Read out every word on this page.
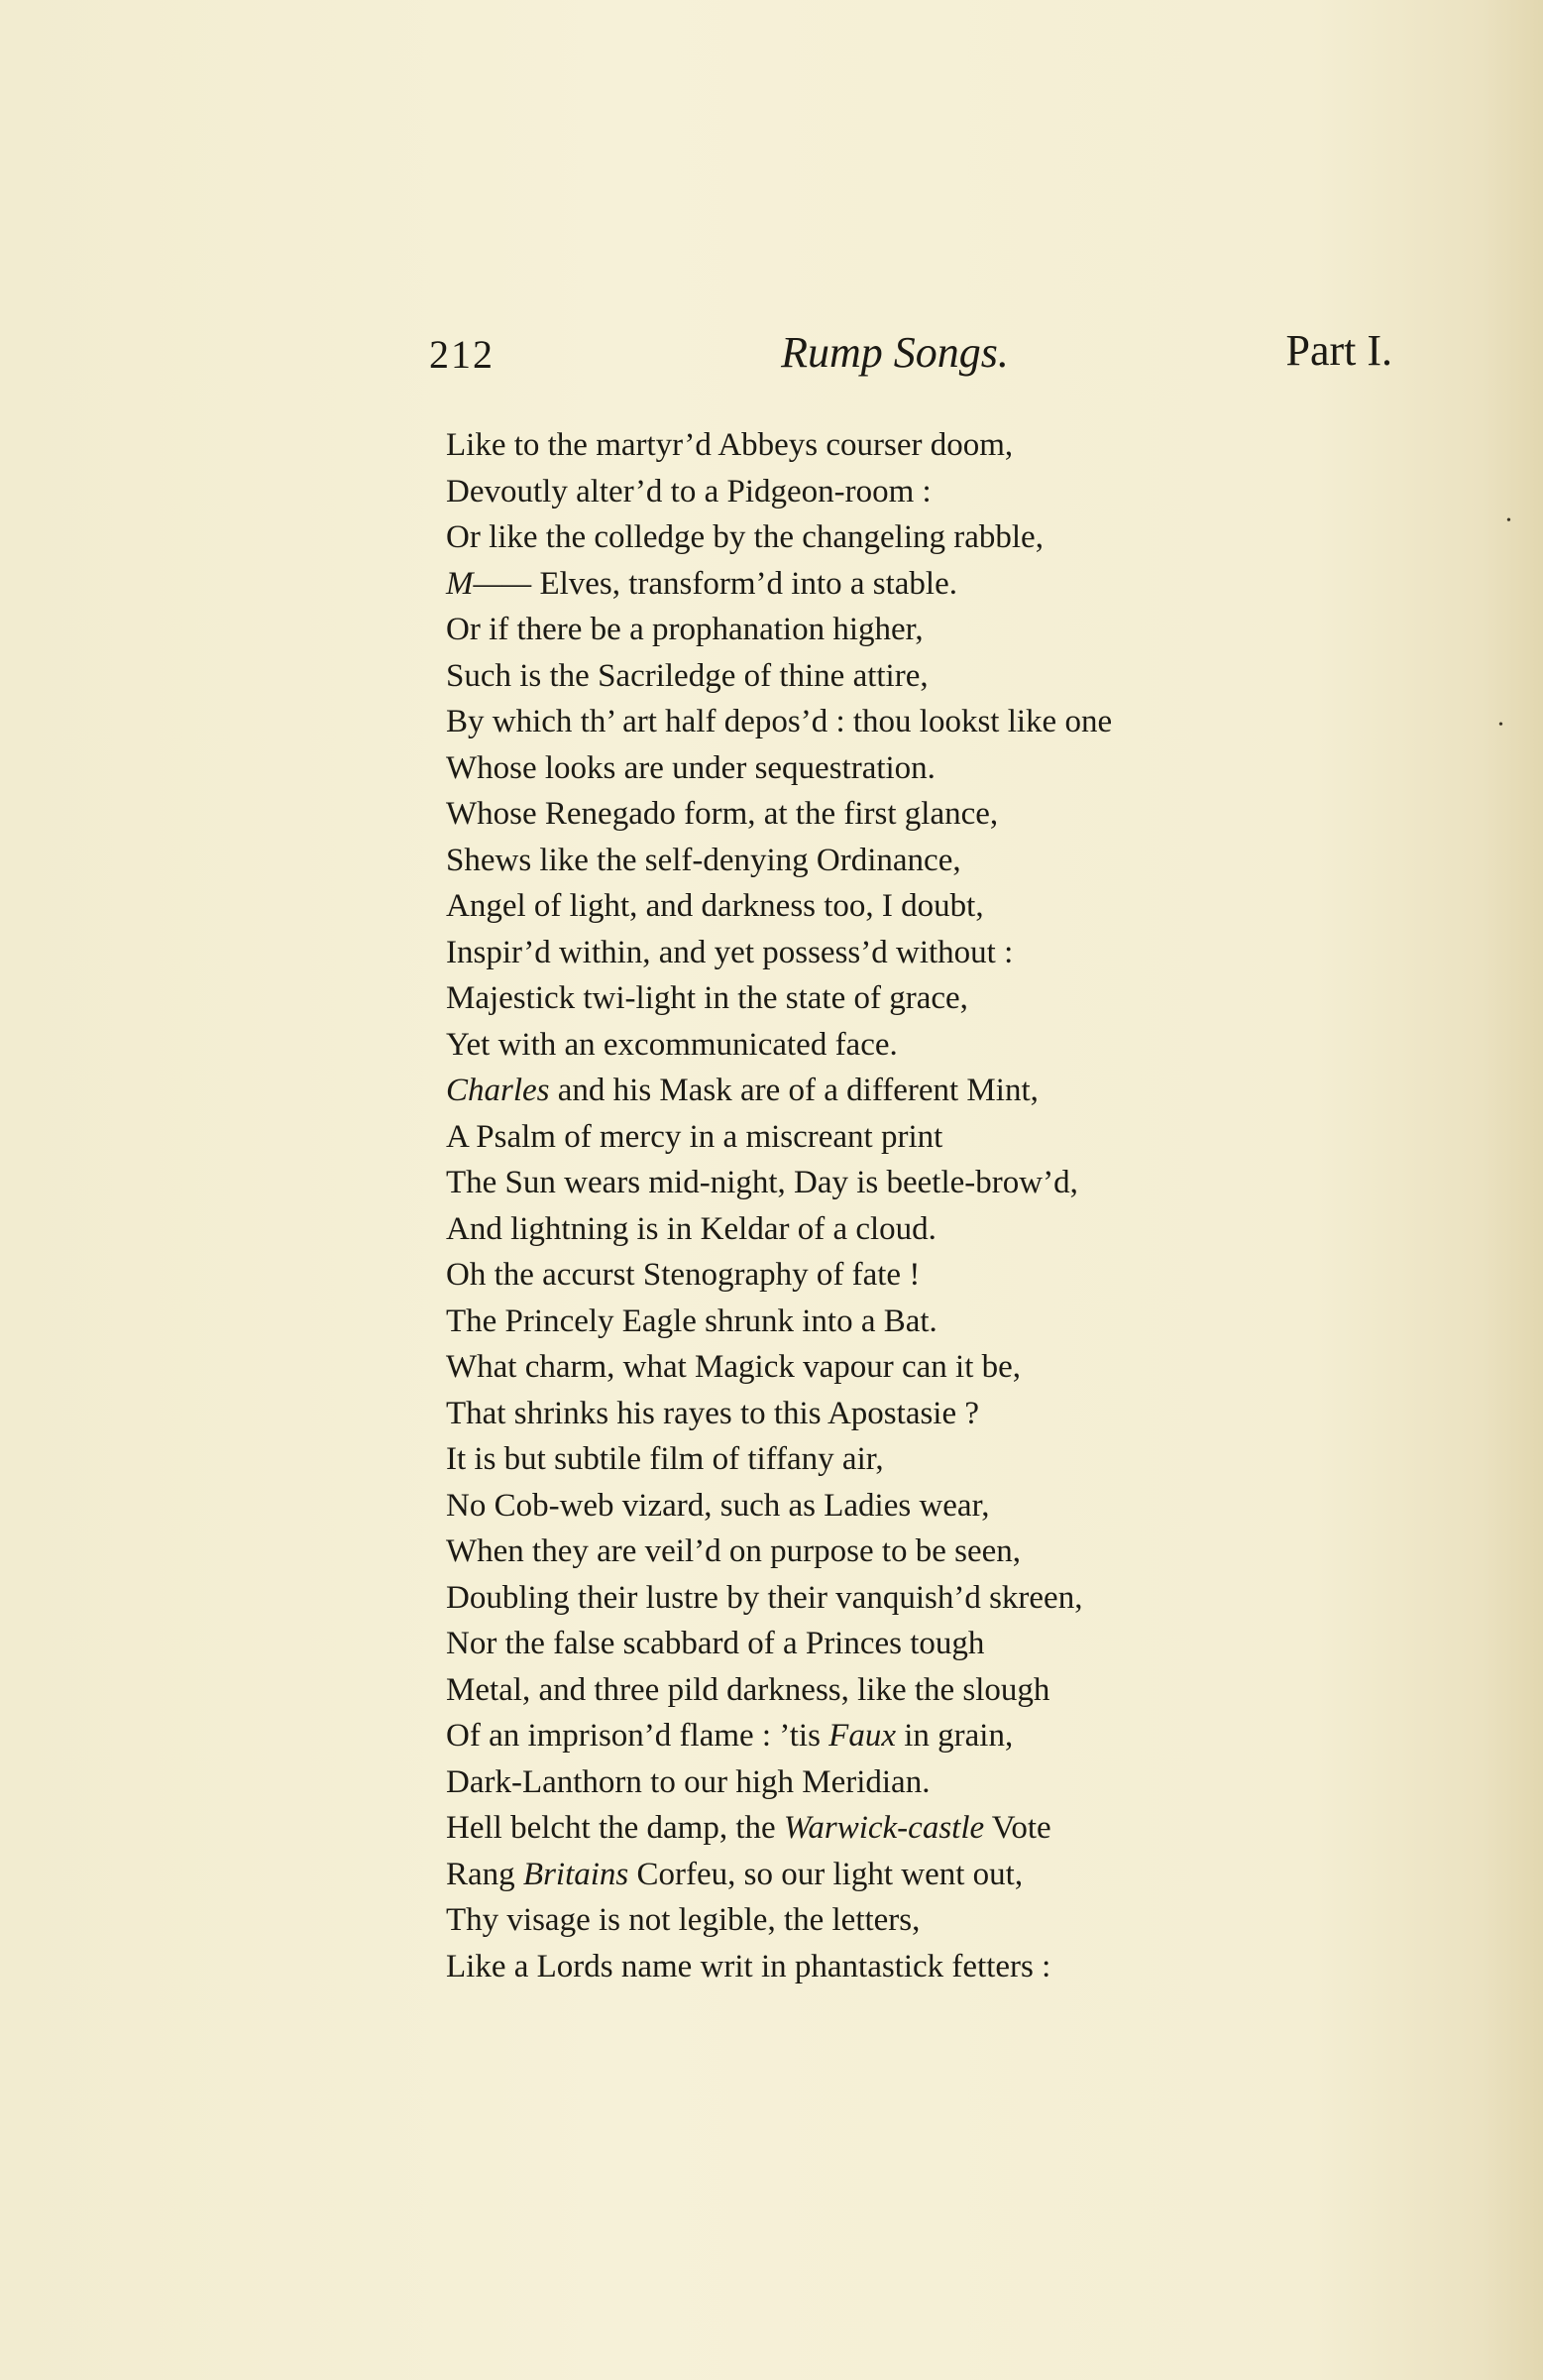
212	Rump Songs.	Part I.
Like to the martyr’d Abbeys courser doom,
Devoutly alter’d to a Pidgeon-room :
Or like the colledge by the changeling rabble,
M—— Elves, transform’d into a stable.
Or if there be a prophanation higher,
Such is the Sacriledge of thine attire,
By which th’ art half depos’d : thou lookst like one
Whose looks are under sequestration.
Whose Renegado form, at the first glance,
Shews like the self-denying Ordinance,
Angel of light, and darkness too, I doubt,
Inspir’d within, and yet possess’d without :
Majestick twi-light in the state of grace,
Yet with an excommunicated face.
Charles and his Mask are of a different Mint,
A Psalm of mercy in a miscreant print
The Sun wears mid-night, Day is beetle-brow’d,
And lightning is in Keldar of a cloud.
Oh the accurst Stenography of fate !
The Princely Eagle shrunk into a Bat.
What charm, what Magick vapour can it be,
That shrinks his rayes to this Apostasie ?
It is but subtile film of tiffany air,
No Cob-web vizard, such as Ladies wear,
When they are veil’d on purpose to be seen,
Doubling their lustre by their vanquish’d skreen,
Nor the false scabbard of a Princes tough
Metal, and three pild darkness, like the slough
Of an imprison’d flame : ’tis Faux in grain,
Dark-Lanthorn to our high Meridian.
Hell belcht the damp, the Warwick-castle Vote
Rang Britains Corfeu, so our light went out,
Thy visage is not legible, the letters,
Like a Lords name writ in phantastick fetters :
•
•
